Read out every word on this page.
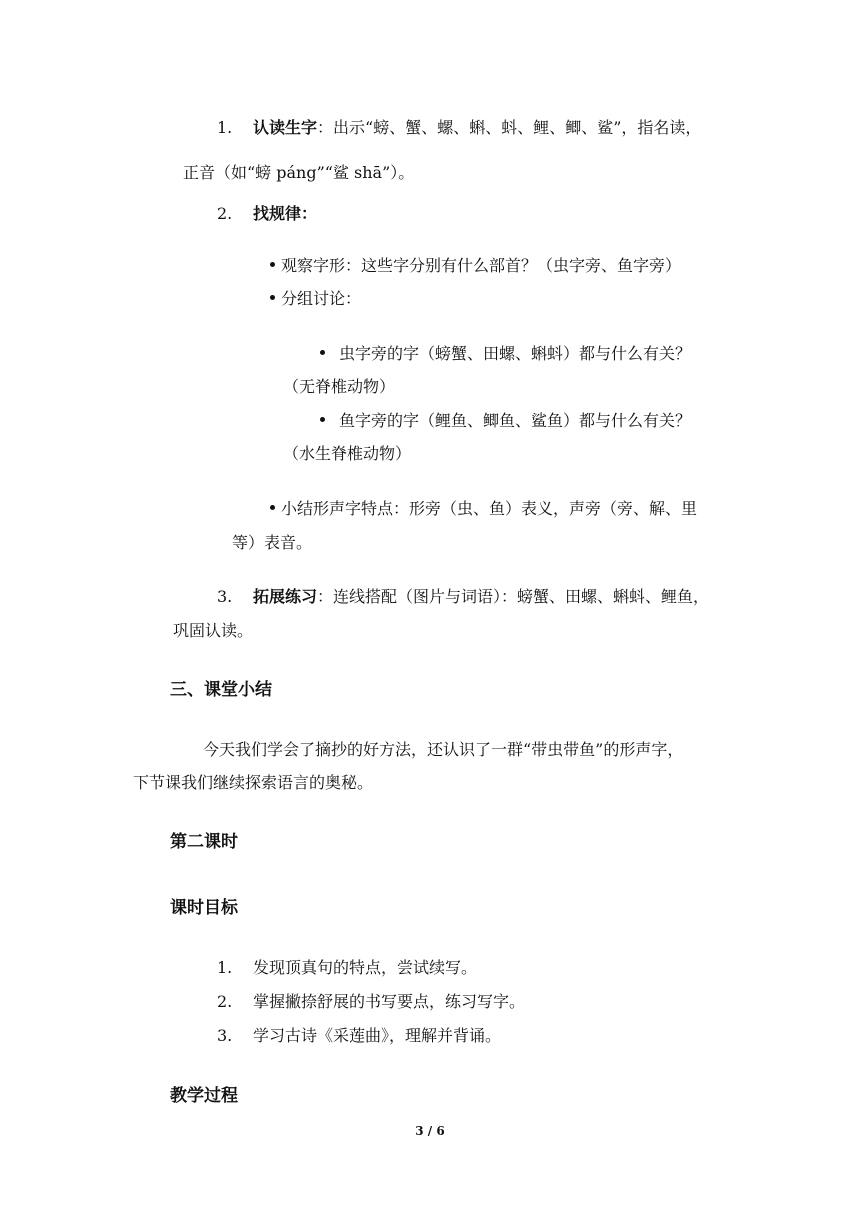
1.	认读生字：出示“螃、蟹、螺、蝌、蚪、鲤、鲫、鲨”，指名读，
正音（如“螃 páng”“鲨 shā”）。
2.	找规律：
观察字形：这些字分别有什么部首？（虫字旁、鱼字旁）
分组讨论：
虫字旁的字（螃蟹、田螺、蝌蚪）都与什么有关？
（无脊椎动物）
鱼字旁的字（鲤鱼、鲫鱼、鲨鱼）都与什么有关？
（水生脊椎动物）
小结形声字特点：形旁（虫、鱼）表义，声旁（旁、解、里
等）表音。
3.	拓展练习：连线搭配（图片与词语）：螃蟹、田螺、蝌蚪、鲤鱼，
巩固认读。
三、课堂小结
今天我们学会了摘抄的好方法，还认识了一群“带虫带鱼”的形声字，
下节课我们继续探索语言的奥秘。
第二课时
课时目标
1.	发现顶真句的特点，尝试续写。
2.	掌握撇捺舒展的书写要点，练习写字。
3.	学习古诗《采莲曲》，理解并背诵。
教学过程
3 / 6
